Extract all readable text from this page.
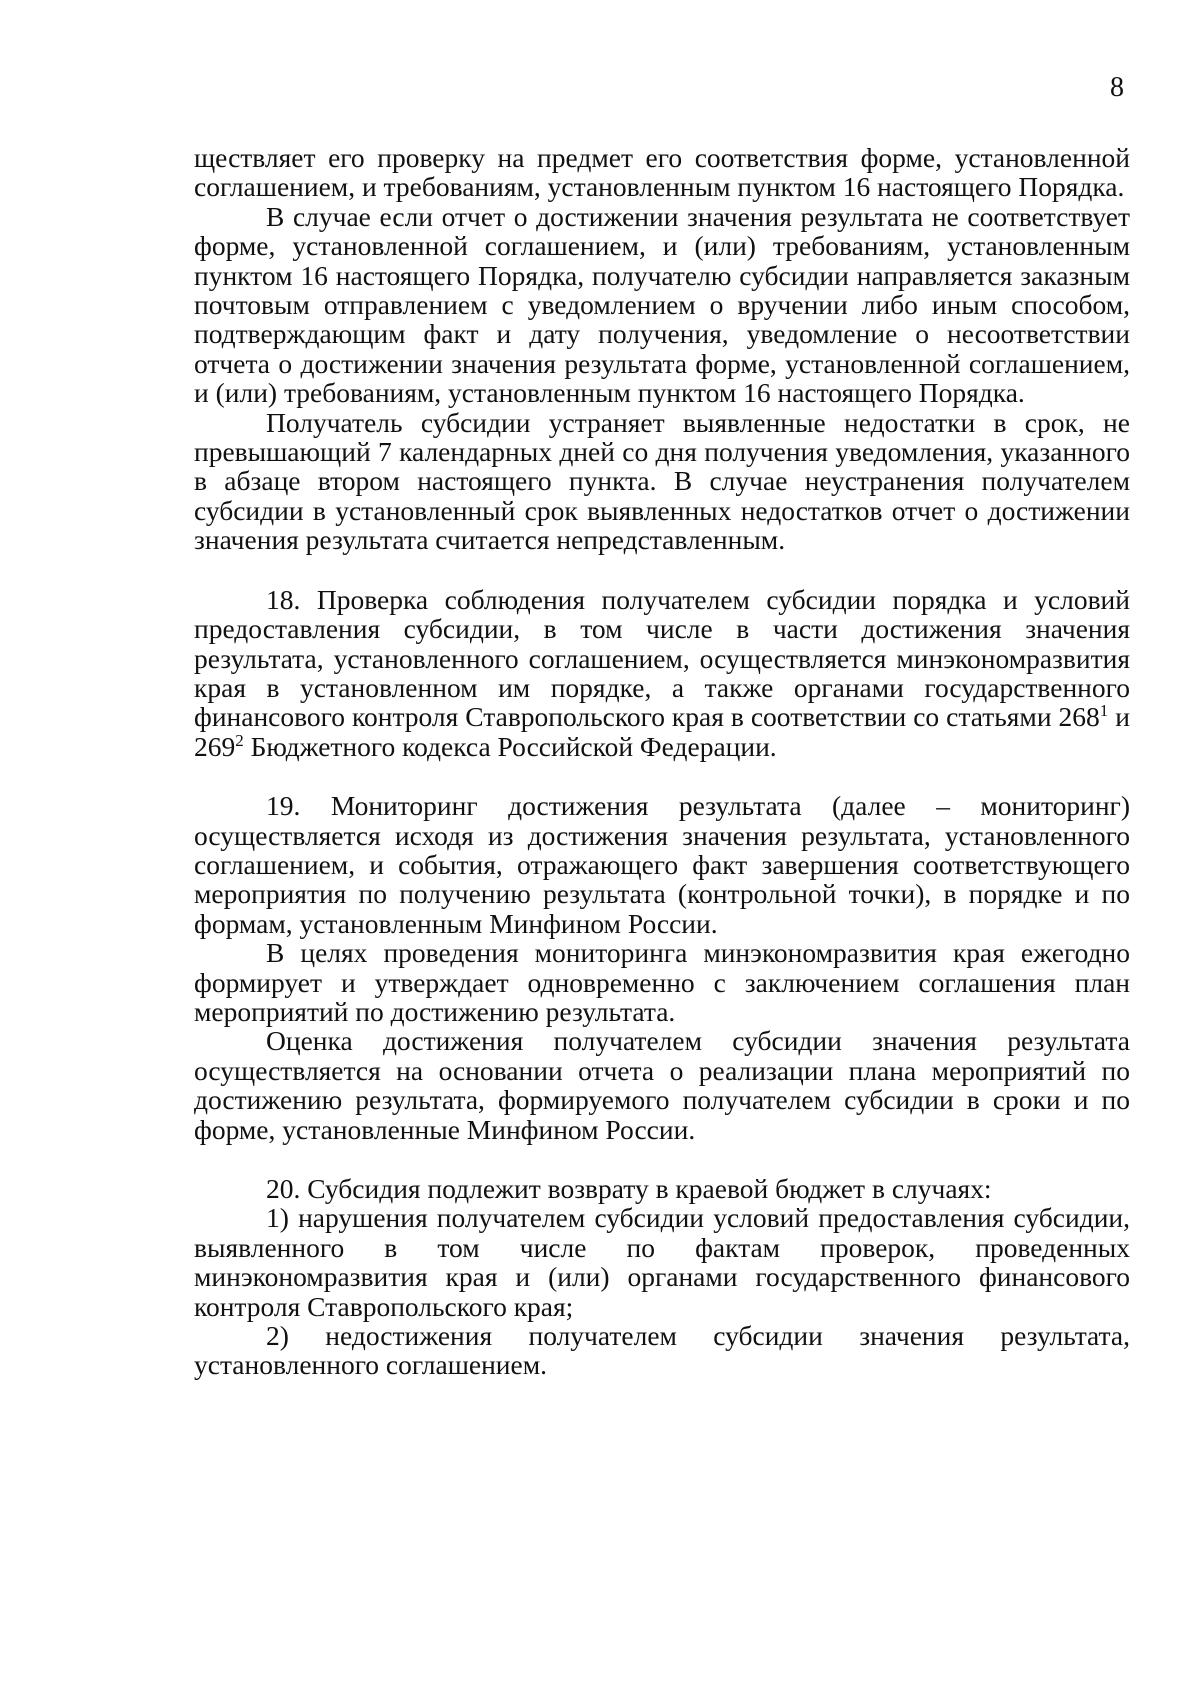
8

ществляет его проверку на предмет его соответствия форме, установленной соглашением, и требованиям, установленным пунктом 16 настоящего Порядка.

В случае если отчет о достижении значения результата не соответствует форме, установленной соглашением, и (или) требованиям, установленным пунктом 16 настоящего Порядка, получателю субсидии направляется заказным почтовым отправлением с уведомлением о вручении либо иным способом, подтверждающим факт и дату получения, уведомление о несоответствии отчета о достижении значения результата форме, установленной соглашением, и (или) требованиям, установленным пунктом 16 настоящего Порядка.

Получатель субсидии устраняет выявленные недостатки в срок, не превышающий 7 календарных дней со дня получения уведомления, указанного в абзаце втором настоящего пункта. В случае неустранения получателем субсидии в установленный срок выявленных недостатков отчет о достижении значения результата считается непредставленным.

18. Проверка соблюдения получателем субсидии порядка и условий предоставления субсидии, в том числе в части достижения значения результата, установленного соглашением, осуществляется минэкономразвития края в установленном им порядке, а также органами государственного финансового контроля Ставропольского края в соответствии со статьями $268^1$ и $269^2$ Бюджетного кодекса Российской Федерации.

19. Мониторинг достижения результата (далее – мониторинг) осуществляется исходя из достижения значения результата, установленного соглашением, и события, отражающего факт завершения соответствующего мероприятия по получению результата (контрольной точки), в порядке и по формам, установленным Минфином России.

В целях проведения мониторинга минэкономразвития края ежегодно формирует и утверждает одновременно с заключением соглашения план мероприятий по достижению результата.

Оценка достижения получателем субсидии значения результата осуществляется на основании отчета о реализации плана мероприятий по достижению результата, формируемого получателем субсидии в сроки и по форме, установленные Минфином России.

20. Субсидия подлежит возврату в краевой бюджет в случаях:

1) нарушения получателем субсидии условий предоставления субсидии, выявленного в том числе по фактам проверок, проведенных минэкономразвития края и (или) органами государственного финансового контроля Ставропольского края;

2) недостижения получателем субсидии значения результата, установленного соглашением.
